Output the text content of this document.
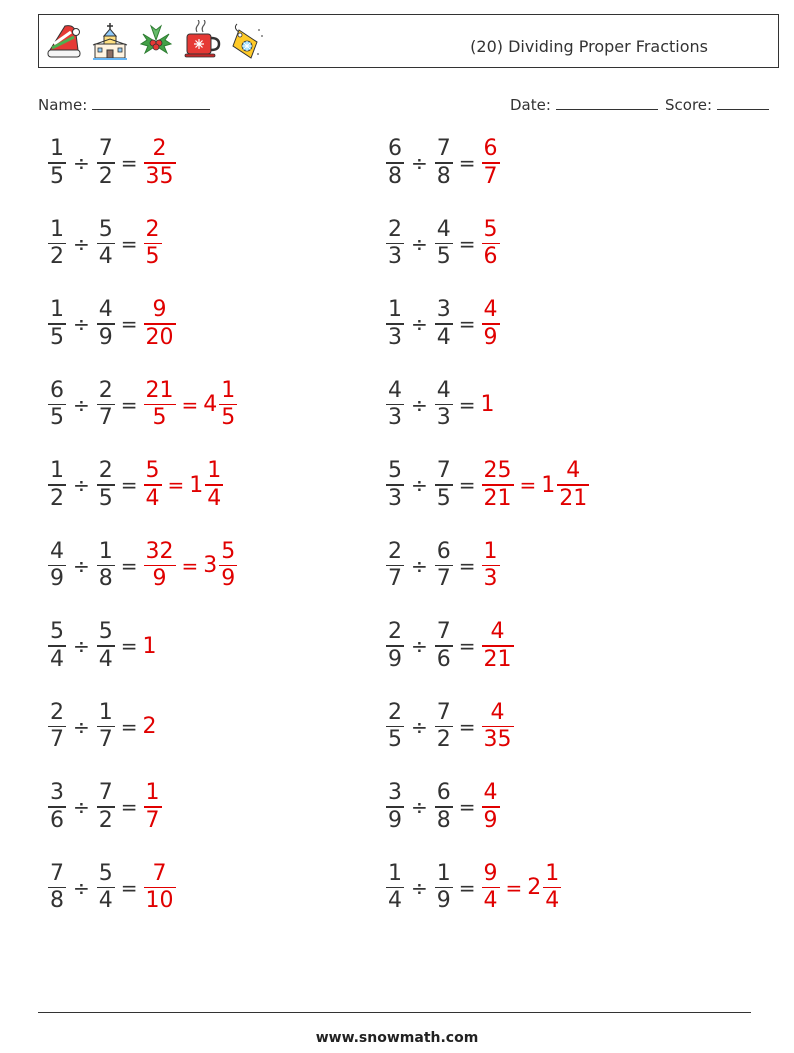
(20) Dividing Proper Fractions
Name:	Date:	Score:
$\frac{1}{5} \div \frac{7}{2} = \frac{2}{35}$
$\frac{1}{2} \div \frac{5}{4} = \frac{2}{5}$
$\frac{1}{5} \div \frac{4}{9} = \frac{9}{20}$
$\frac{6}{5} \div \frac{2}{7} = \frac{21}{5} = 4 \frac{1}{5}$
$\frac{1}{2} \div \frac{2}{5} = \frac{5}{4} = 1 \frac{1}{4}$
$\frac{4}{9} \div \frac{1}{8} = \frac{32}{9} = 3 \frac{5}{9}$
$\frac{5}{4} \div \frac{5}{4} = 1$
$\frac{2}{7} \div \frac{1}{7} = 2$
$\frac{3}{6} \div \frac{7}{2} = \frac{1}{7}$
$\frac{7}{8} \div \frac{5}{4} = \frac{7}{10}$
$\frac{6}{8} \div \frac{7}{8} = \frac{6}{7}$
$\frac{2}{3} \div \frac{4}{5} = \frac{5}{6}$
$\frac{1}{3} \div \frac{3}{4} = \frac{4}{9}$
$\frac{4}{3} \div \frac{4}{3} = 1$
$\frac{5}{3} \div \frac{7}{5} = \frac{25}{21} = 1 \frac{4}{21}$
$\frac{2}{7} \div \frac{6}{7} = \frac{1}{3}$
$\frac{2}{9} \div \frac{7}{6} = \frac{4}{21}$
$\frac{2}{5} \div \frac{7}{2} = \frac{4}{35}$
$\frac{3}{9} \div \frac{6}{8} = \frac{4}{9}$
$\frac{1}{4} \div \frac{1}{9} = \frac{9}{4} = 2 \frac{1}{4}$
www.snowmath.com
